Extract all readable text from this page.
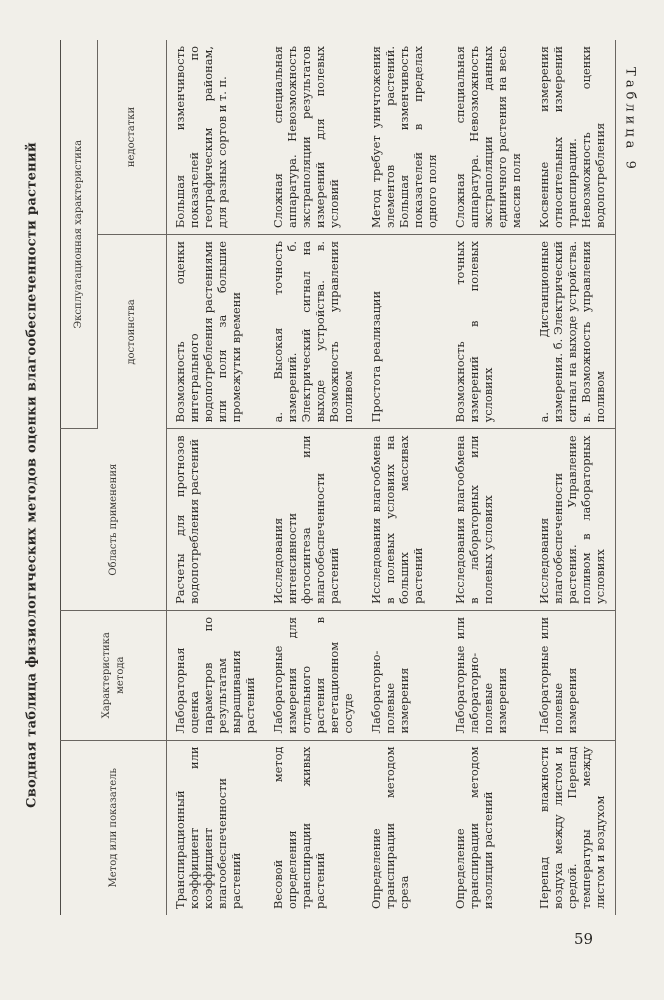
Сводная таблица физиологических методов оценки влагообеспеченности растений
Таблица 9
Метод или показатель	Характеристика метода	Область применения	Эксплуатационная характеристика	
			достоинства	недостатки
Транспирационный коэффициент или коэффициент влагообеспеченности растений	Лабораторная оценка параметров по результатам выращивания растений	Расчеты для прогнозов водопотребления растений	Возможность оценки интегрального водопотребления растениями или поля за большие промежутки времени	Большая изменчивость показателей по географическим районам, для разных сортов и т. п.
Весовой метод определения транспирации живых растений	Лабораторные измерения для отдельного растения в вегетационном сосуде	Исследования интенсивности фотосинтеза или влагообеспеченности растений	а. Высокая точность измерений. б. Электрический сигнал на выходе устройства. в. Возможность управления поливом	Сложная специальная аппаратура. Невозможность экстраполяции результатов измерений для полевых условий
Определение транспирации методом среза	Лабораторно-полевые измерения	Исследования влагообмена в полевых условиях на больших массивах растений	Простота реализации	Метод требует уничтожения элементов растений. Большая изменчивость показателей в пределах одного поля
Определение транспирации методом изоляции растений	Лабораторные или лабораторно-полевые измерения	Исследования влагообмена в лабораторных или полевых условиях	Возможность точных измерений в полевых условиях	Сложная специальная аппаратура. Невозможность экстраполяции данных единичного растения на весь массив поля
Перепад влажности воздуха между листом и средой. Перепад температуры между листом и воздухом	Лабораторные или полевые измерения	Исследования влагообеспеченности растения. Управление поливом в лабораторных условиях	а. Дистанционные измерения. б. Электрический сигнал на выходе устройства. в. Возможность управления поливом	Косвенные измерения относительных измерений транспирации. Невозможность оценки водопотребления
59
